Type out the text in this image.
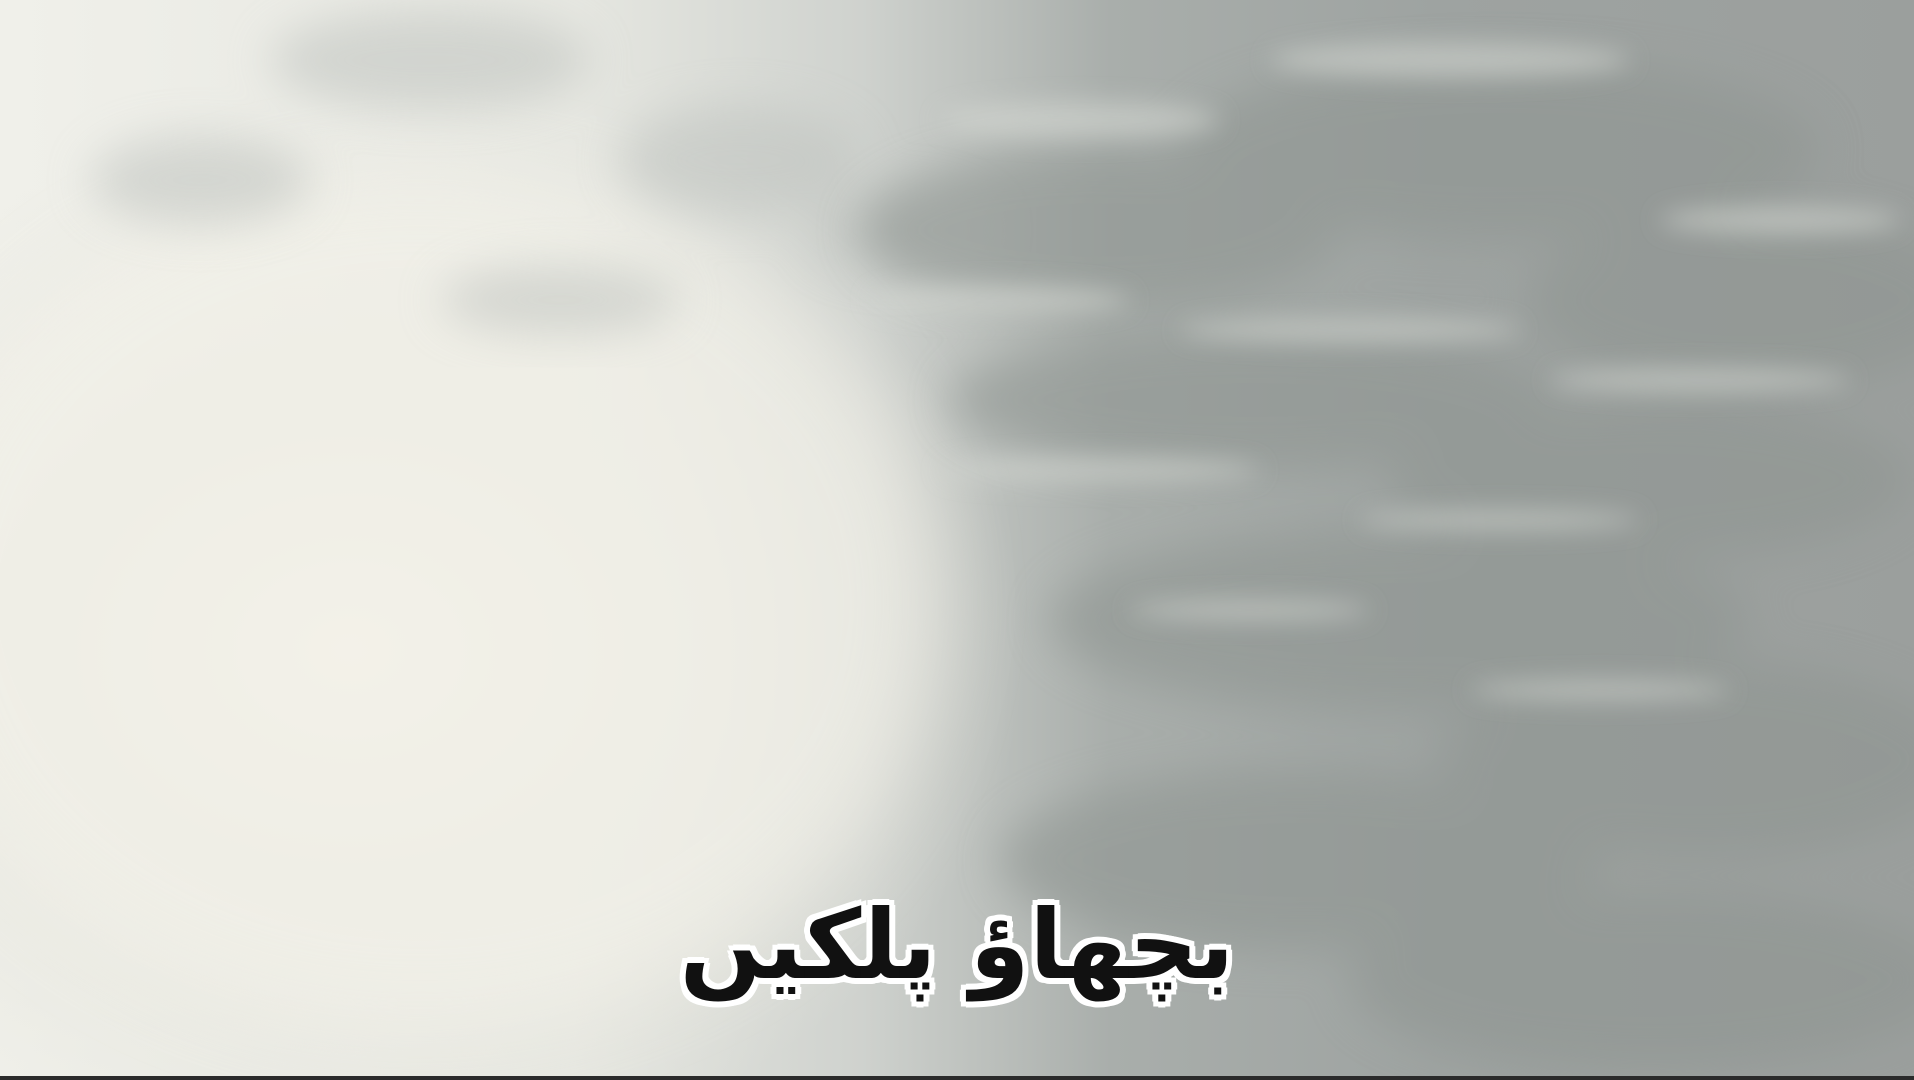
بچھاؤ پلکیں
